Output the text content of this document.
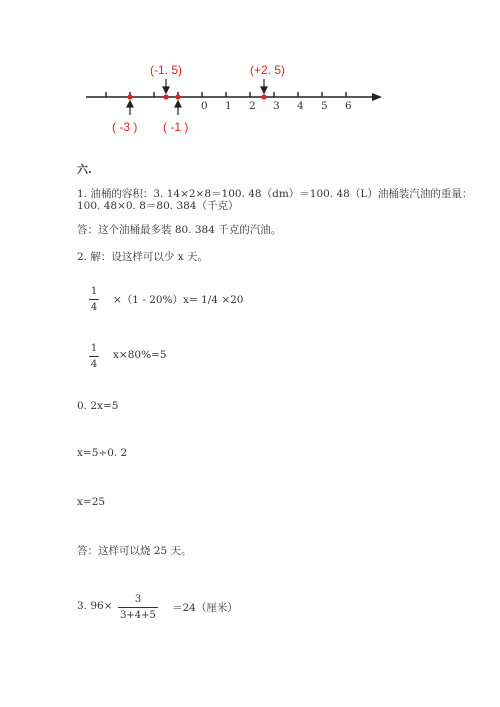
0 1 2 3 4 5 6
(-1. 5)	(+2. 5)
( -3 ) ( -1 )
六.
1. 油桶的容积：3. 14×2×8＝100. 48（dm）＝100. 48（L）油桶装汽油的重量：
100. 48×0. 8＝80. 384（千克）
答：这个油桶最多装 80. 384 千克的汽油。
2. 解：设这样可以少 x 天。
1
4
×（1 - 20%）x= 1/4 ×20
1
4
x×80%=5
0. 2x=5
x=5÷0. 2
x=25
答：这样可以烧 25 天。
3. 96×
3
3+4+5
＝24（厘米）
